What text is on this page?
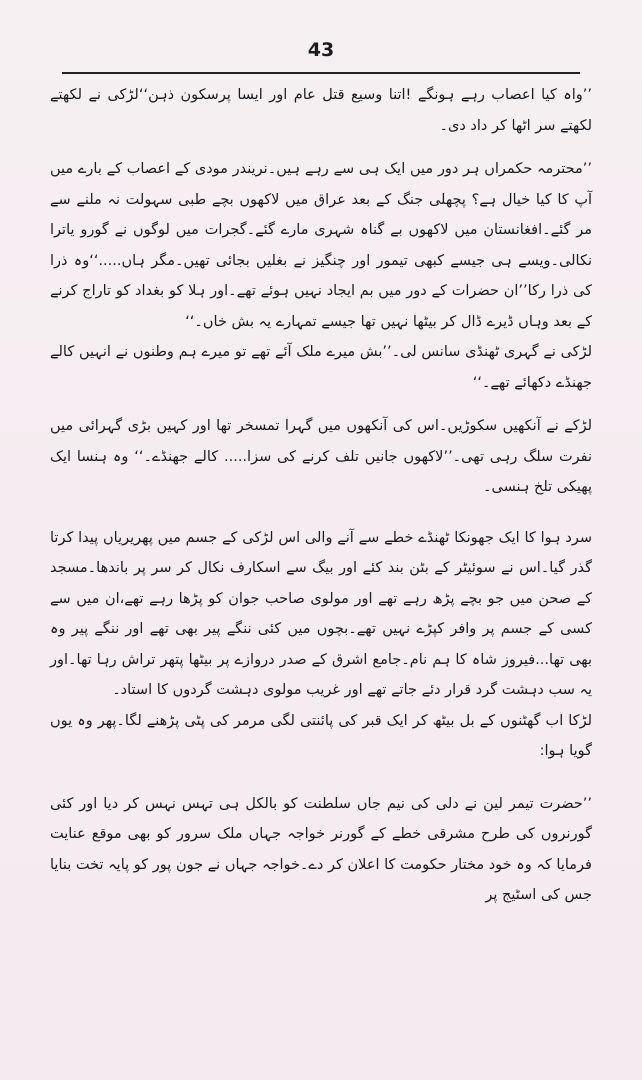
43

’’واہ کیا اعصاب رہے ہونگے !اتنا وسیع قتل عام اور ایسا پرسکون ذہن‘‘لڑکی نے لکھتے لکھتے سر اٹھا کر داد دی۔

’’محترمہ حکمراں ہر دور میں ایک ہی سے رہے ہیں۔نریندر مودی کے اعصاب کے بارے میں آپ کا کیا خیال ہے؟ پچھلی جنگ کے بعد عراق میں لاکھوں بچے طبی سہولت نہ ملنے سے مر گئے۔افغانستان میں لاکھوں بے گناہ شہری مارے گئے۔گجرات میں لوگوں نے گورو یاترا نکالی۔ویسے ہی جیسے کبھی تیمور اور چنگیز نے بغلیں بجائی تھیں۔مگر ہاں.....‘‘وہ ذرا کی ذرا رکا’’ان حضرات کے دور میں بم ایجاد نہیں ہوئے تھے۔اور ہلا کو بغداد کو تاراج کرنے کے بعد وہاں ڈیرے ڈال کر بیٹھا نہیں تھا جیسے تمہارے یہ بش خاں۔‘‘

لڑکی نے گہری ٹھنڈی سانس لی۔’’بش میرے ملک آئے تھے تو میرے ہم وطنوں نے انہیں کالے جھنڈے دکھائے تھے۔‘‘

لڑکے نے آنکھیں سکوڑیں۔اس کی آنکھوں میں گہرا تمسخر تھا اور کہیں بڑی گہرائی میں نفرت سلگ رہی تھی۔’’لاکھوں جانیں تلف کرنے کی سزا..... کالے جھنڈے۔‘‘ وہ ہنسا ایک پھیکی تلخ ہنسی۔

سرد ہوا کا ایک جھونکا ٹھنڈے خطے سے آنے والی اس لڑکی کے جسم میں پھریریاں پیدا کرتا گذر گیا۔اس نے سوئیٹر کے بٹن بند کئے اور بیگ سے اسکارف نکال کر سر پر باندھا۔مسجد کے صحن میں جو بچے پڑھ رہے تھے اور مولوی صاحب جوان کو پڑھا رہے تھے،ان میں سے کسی کے جسم پر وافر کپڑے نہیں تھے۔بچوں میں کئی ننگے پیر بھی تھے اور ننگے پیر وہ بھی تھا...فیروز شاہ کا ہم نام۔جامع اشرق کے صدر دروازے پر بیٹھا پتھر تراش رہا تھا۔اور یہ سب دہشت گرد قرار دئے جاتے تھے اور غریب مولوی دہشت گردوں کا استاد۔

لڑکا اب گھٹنوں کے بل بیٹھ کر ایک قبر کی پائنتی لگی مرمر کی پٹی پڑھنے لگا۔پھر وہ یوں گویا ہوا:

’’حضرت تیمر لین نے دلی کی نیم جاں سلطنت کو بالکل ہی تہس نہس کر دیا اور کئی گورنروں کی طرح مشرقی خطے کے گورنر خواجہ جہاں ملک سرور کو بھی موقع عنایت فرمایا کہ وہ خود مختار حکومت کا اعلان کر دے۔خواجہ جہاں نے جون پور کو پایہ تخت بنایا جس کی اسٹیج پر
